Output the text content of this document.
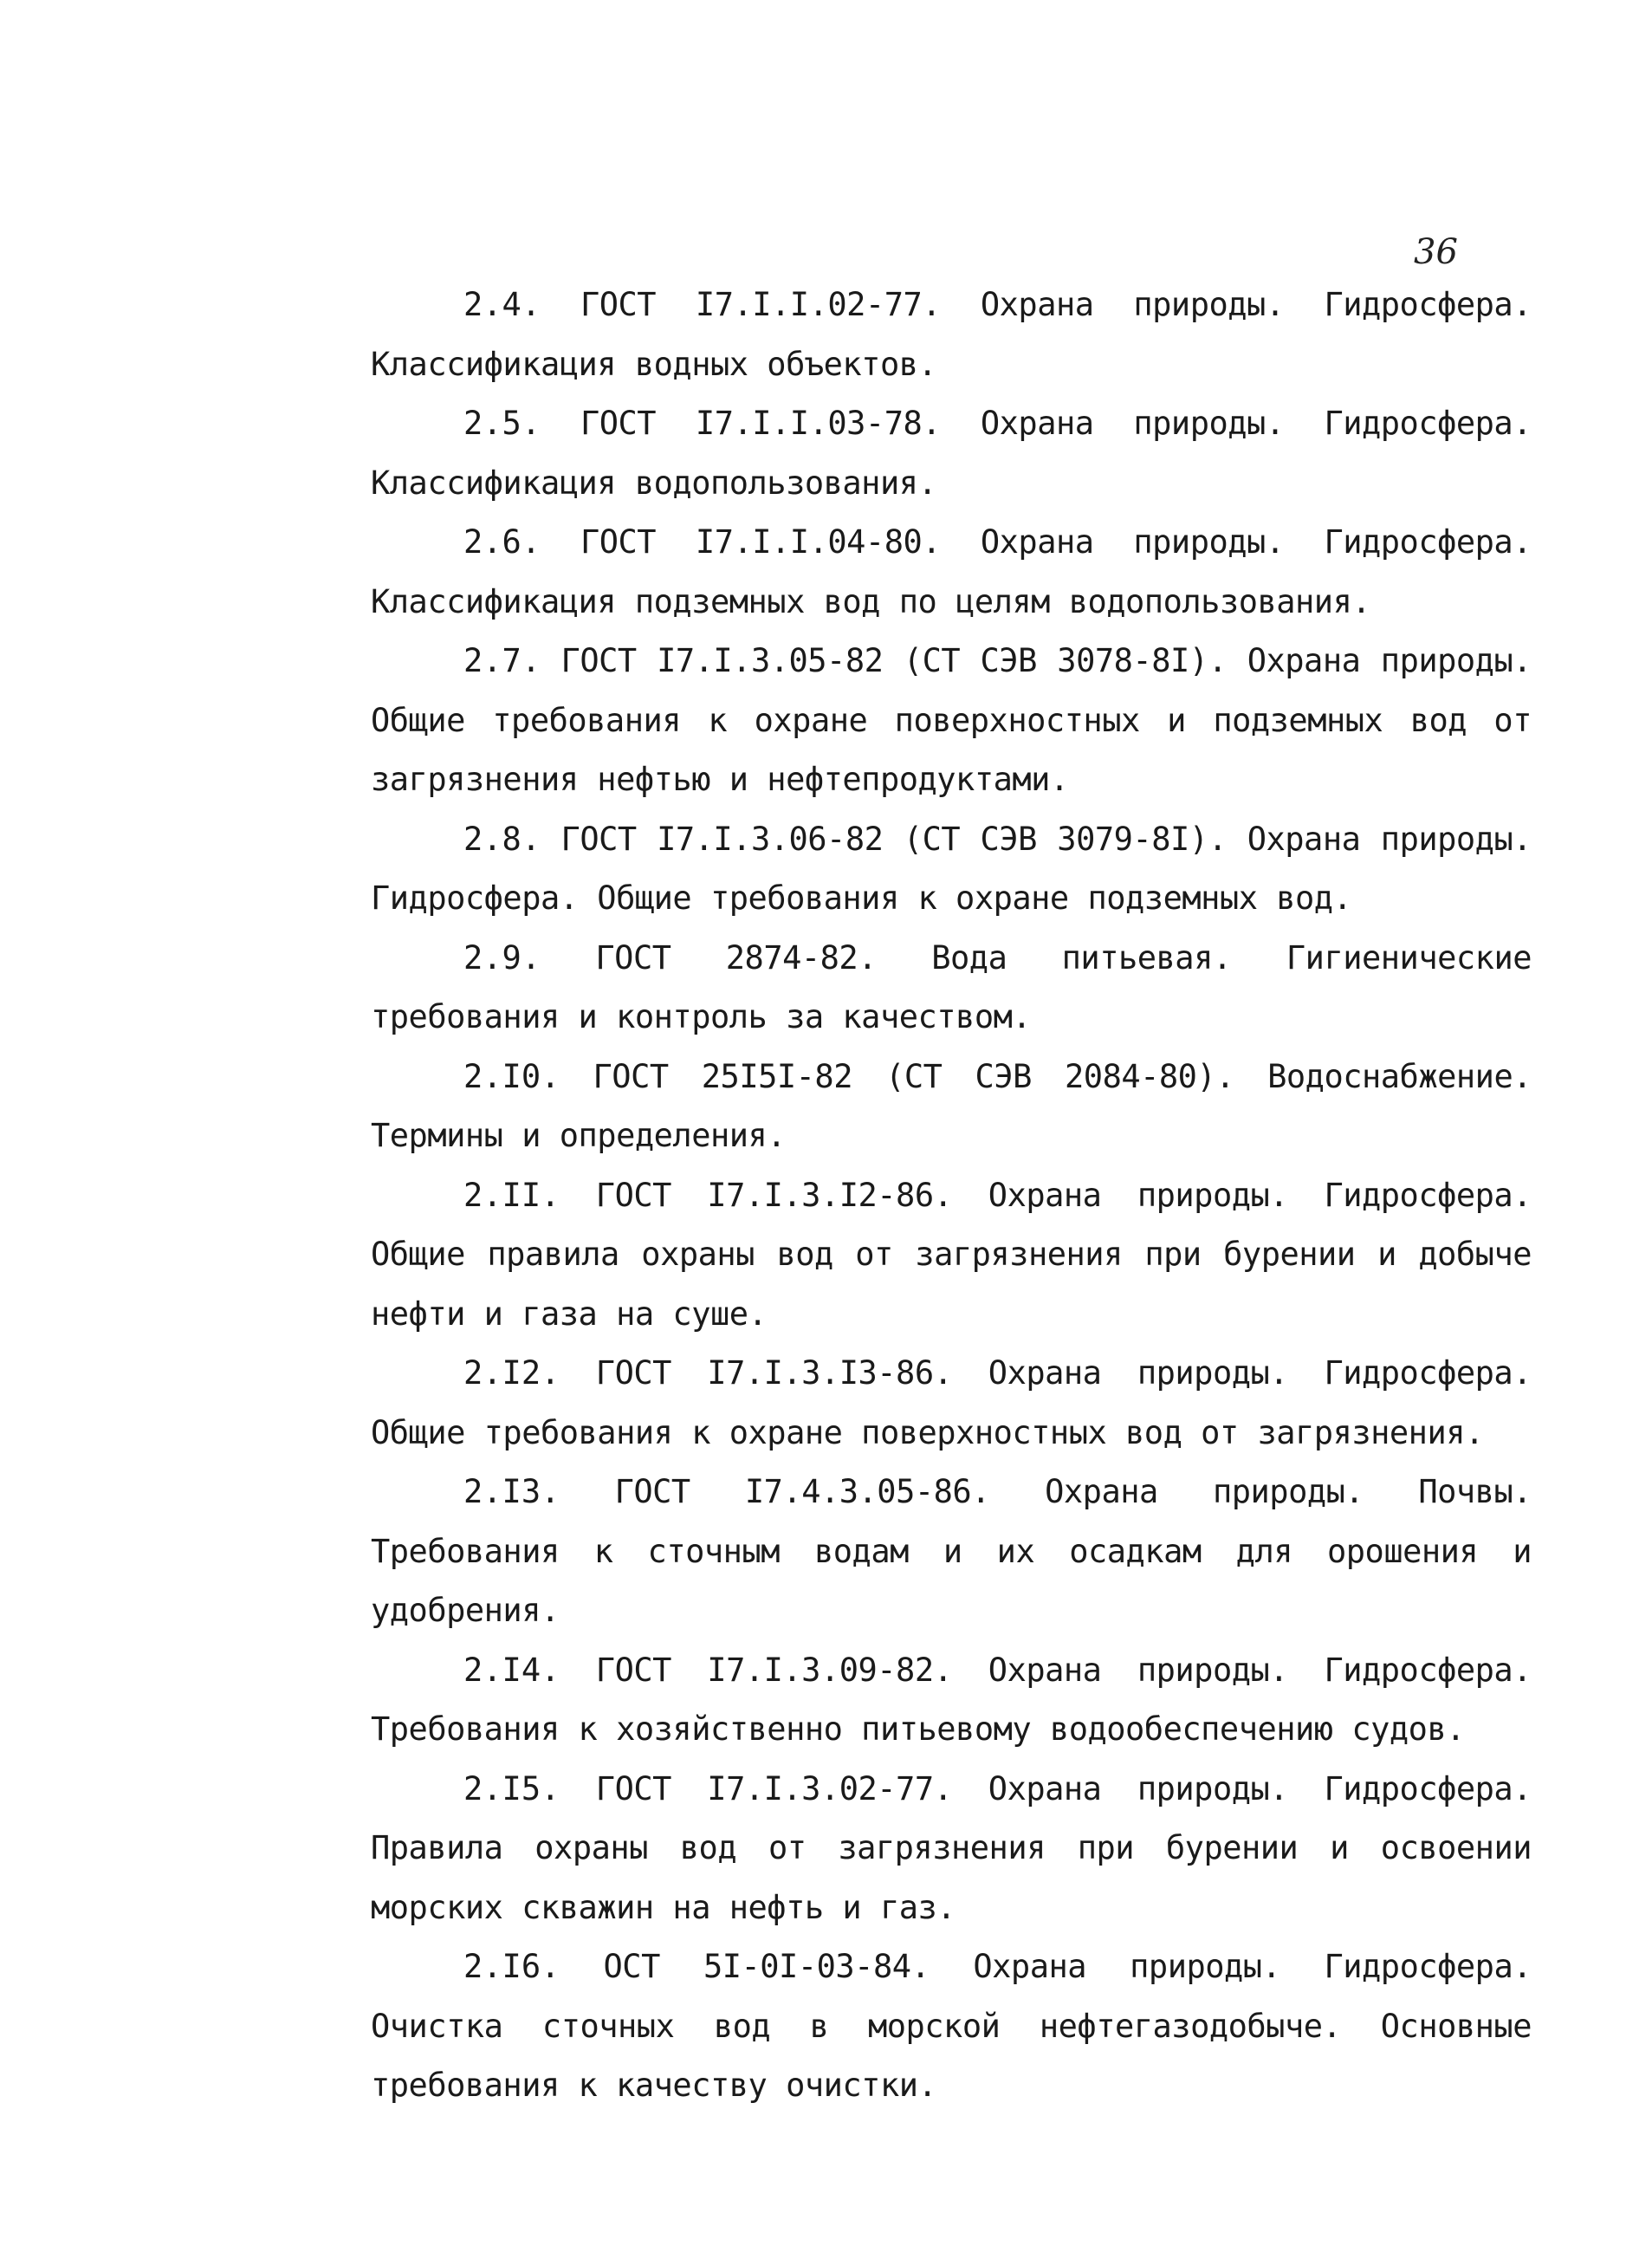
36

2.4. ГОСТ I7.I.I.02-77. Охрана природы. Гидросфера. Классификация водных объектов.

2.5. ГОСТ I7.I.I.03-78. Охрана природы. Гидросфера. Классификация водопользования.

2.6. ГОСТ I7.I.I.04-80. Охрана природы. Гидросфера. Классификация подземных вод по целям водопользования.

2.7. ГОСТ I7.I.3.05-82 (СТ СЭВ 3078-8I). Охрана природы. Общие требования к охране поверхностных и подземных вод от загрязнения нефтью и нефтепродуктами.

2.8. ГОСТ I7.I.3.06-82 (СТ СЭВ 3079-8I). Охрана природы. Гидросфера. Общие требования к охране подземных вод.

2.9. ГОСТ 2874-82. Вода питьевая. Гигиенические требования и контроль за качеством.

2.I0. ГОСТ 25I5I-82 (СТ СЭВ 2084-80). Водоснабжение. Термины и определения.

2.II. ГОСТ I7.I.3.I2-86. Охрана природы. Гидросфера. Общие правила охраны вод от загрязнения при бурении и добыче нефти и газа на суше.

2.I2. ГОСТ I7.I.3.I3-86. Охрана природы. Гидросфера. Общие требования к охране поверхностных вод от загрязнения.

2.I3. ГОСТ I7.4.3.05-86. Охрана природы. Почвы. Требования к сточным водам и их осадкам для орошения и удобрения.

2.I4. ГОСТ I7.I.3.09-82. Охрана природы. Гидросфера. Требования к хозяйственно питьевому водообеспечению судов.

2.I5. ГОСТ I7.I.3.02-77. Охрана природы. Гидросфера. Правила охраны вод от загрязнения при бурении и освоении морских скважин на нефть и газ.

2.I6. ОСТ 5I-0I-03-84. Охрана природы. Гидросфера. Очистка сточных вод в морской нефтегазодобыче. Основные требования к качеству очистки.
